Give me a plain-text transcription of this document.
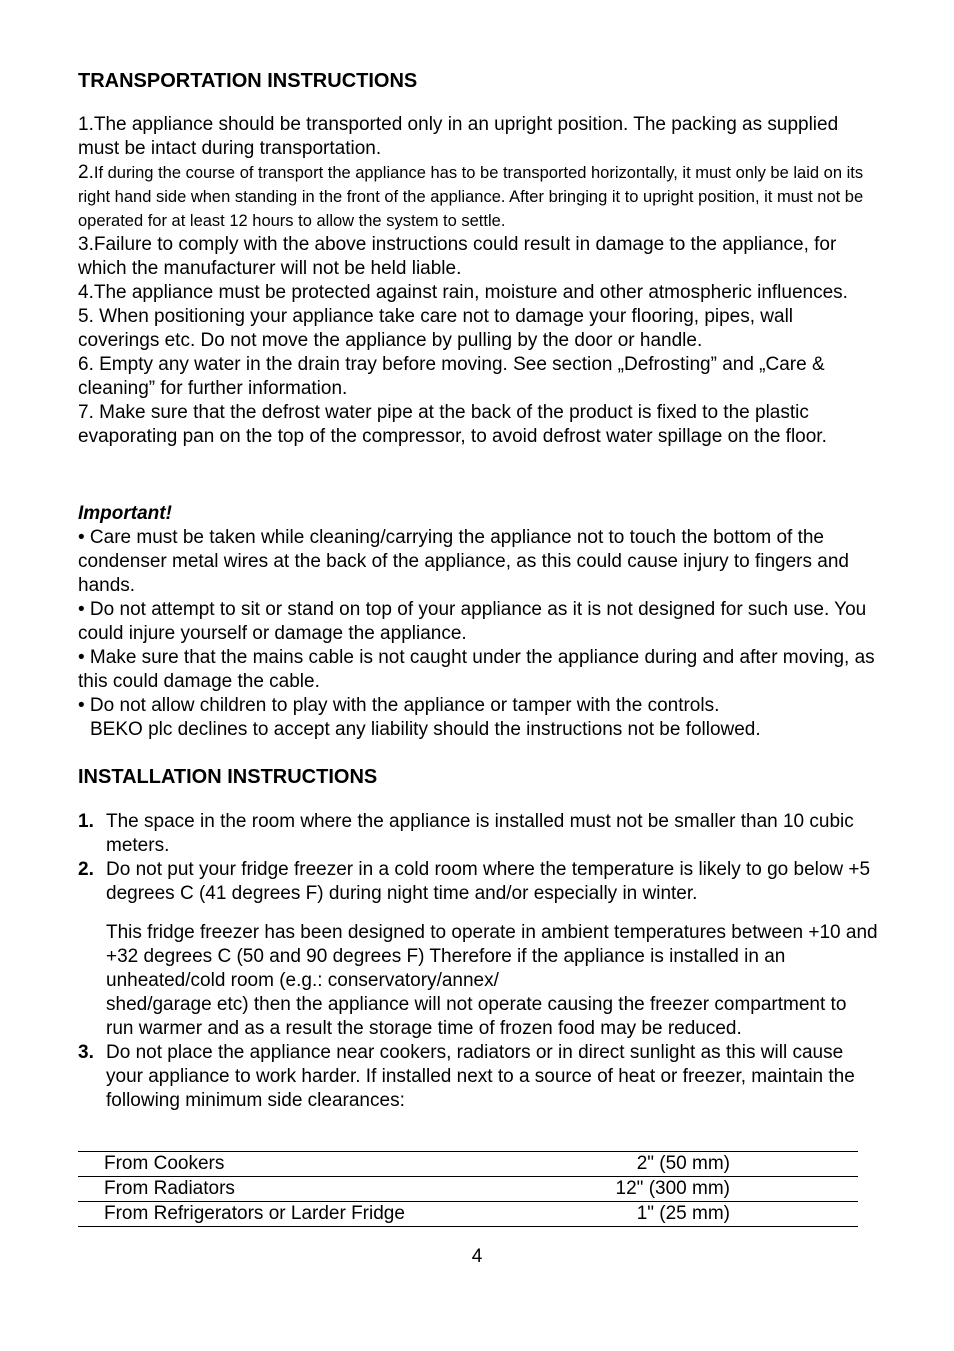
TRANSPORTATION INSTRUCTIONS

1.The appliance should be transported only in an upright position. The packing as supplied must be intact during transportation.

2.If during the course of transport the appliance has to be transported horizontally, it must only be laid on its right hand side when standing in the front of the appliance. After bringing it to upright position, it must not be operated for at least 12 hours to allow the system to settle.

3.Failure to comply with the above instructions could result in damage to the appliance, for which the manufacturer will not be held liable.

4.The appliance must be protected against rain, moisture and other atmospheric influences.

5. When positioning your appliance take care not to damage your flooring, pipes, wall coverings etc. Do not move the appliance by pulling by the door or handle.

6. Empty any water in the drain tray before moving. See section „Defrosting” and „Care & cleaning” for further information.

7. Make sure that the defrost water pipe at the back of the product is fixed to the plastic evaporating pan on the top of the compressor, to avoid defrost water spillage on the floor.

Important!

• Care must be taken while cleaning/carrying the appliance not to touch the bottom of the condenser metal wires at the back of the appliance, as this could cause injury to fingers and hands.

• Do not attempt to sit or stand on top of your appliance as it is not designed for such use. You could injure yourself or damage the appliance.

• Make sure that the mains cable is not caught under the appliance during and after moving, as this could damage the cable.

• Do not allow children to play with the appliance or tamper with the controls.

BEKO plc declines to accept any liability should the instructions not be followed.

INSTALLATION INSTRUCTIONS
1. The space in the room where the appliance is installed must not be smaller than 10 cubic meters.
2. Do not put your fridge freezer in a cold room where the temperature is likely to go below +5 degrees C (41 degrees F) during night time and/or especially in winter.

This fridge freezer has been designed to operate in ambient temperatures between +10 and +32 degrees C (50 and 90 degrees F) Therefore if the appliance is installed in an unheated/cold room (e.g.: conservatory/annex/

shed/garage etc) then the appliance will not operate causing the freezer compartment to run warmer and as a result the storage time of frozen food may be reduced.

3. Do not place the appliance near cookers, radiators or in direct sunlight as this will cause your appliance to work harder. If installed next to a source of heat or freezer, maintain the following minimum side clearances:
From Cookers	2" (50 mm)
From Radiators	12" (300 mm)
From Refrigerators or Larder Fridge	1" (25 mm)
4
